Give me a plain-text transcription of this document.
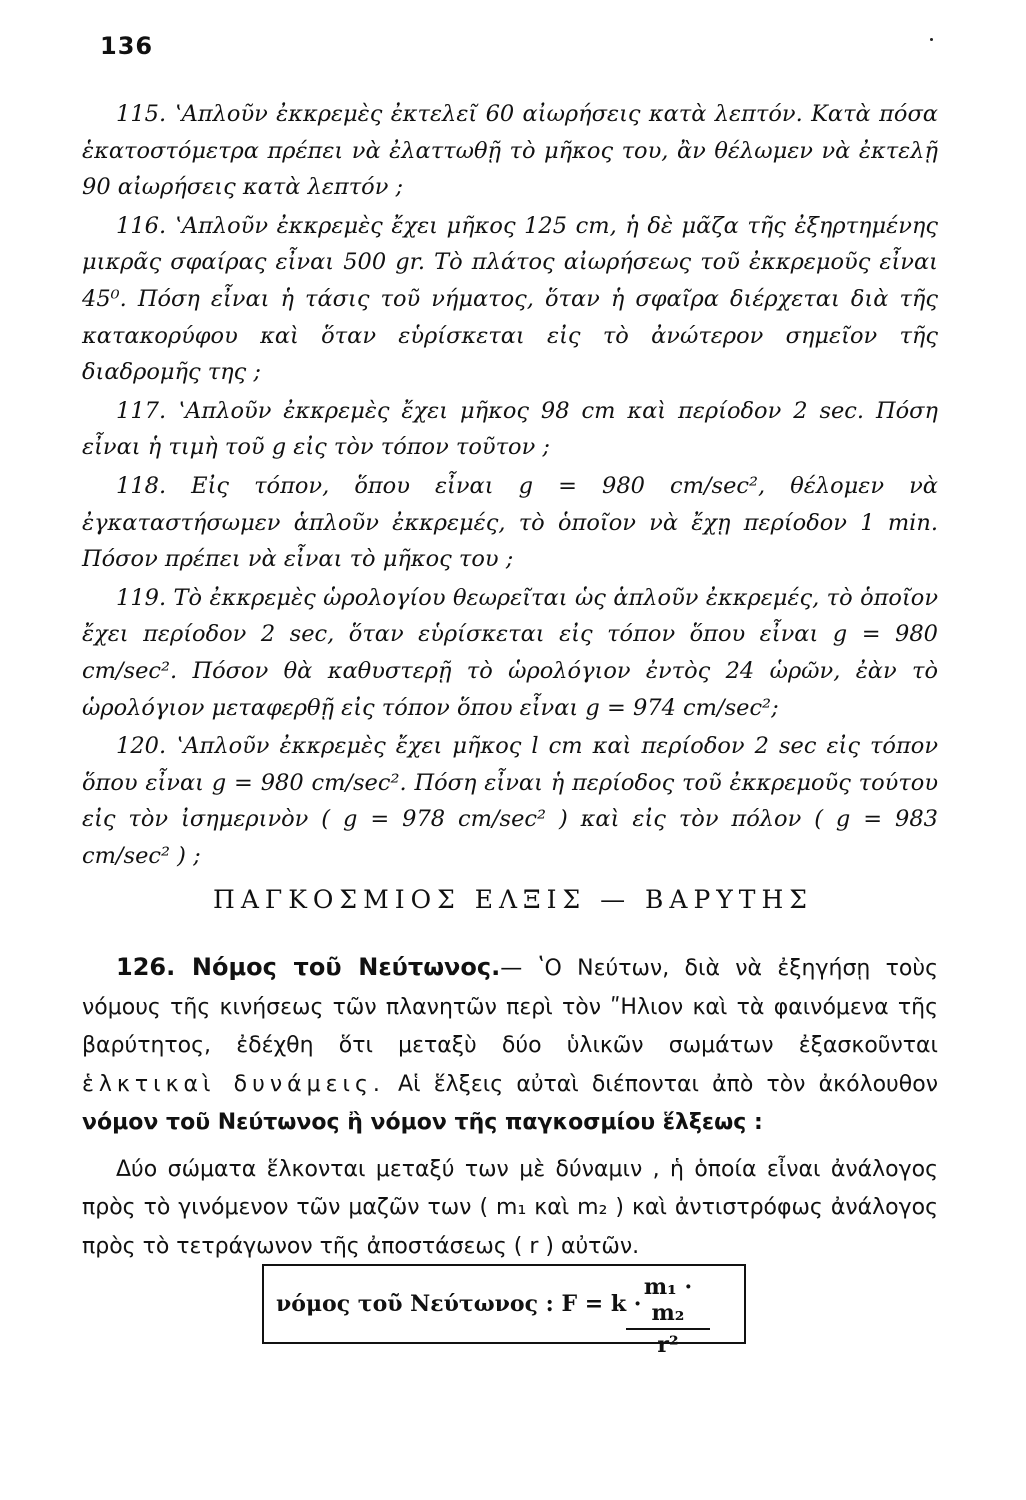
136

115. ʽΑπλοῦν ἐκκρεμὲς ἐκτελεῖ 60 αἰωρήσεις κατὰ λεπτόν. Κατὰ πόσα ἑκατοστόμετρα πρέπει νὰ ἐλαττωθῇ τὸ μῆκος του, ἂν θέλωμεν νὰ ἐκτελῇ 90 αἰωρήσεις κατὰ λεπτόν ;

116. ʽΑπλοῦν ἐκκρεμὲς ἔχει μῆκος 125 cm, ἡ δὲ μᾶζα τῆς ἐξηρτημένης μικρᾶς σφαίρας εἶναι 500 gr. Τὸ πλάτος αἰωρήσεως τοῦ ἐκκρεμοῦς εἶναι 45⁰. Πόση εἶναι ἡ τάσις τοῦ νήματος, ὅταν ἡ σφαῖρα διέρχεται διὰ τῆς κατακορύφου καὶ ὅταν εὑρίσκεται εἰς τὸ ἀνώτερον σημεῖον τῆς διαδρομῆς της ;

117. ʽΑπλοῦν ἐκκρεμὲς ἔχει μῆκος 98 cm καὶ περίοδον 2 sec. Πόση εἶναι ἡ τιμὴ τοῦ g εἰς τὸν τόπον τοῦτον ;

118. Εἰς τόπον, ὅπου εἶναι g = 980 cm/sec², θέλομεν νὰ ἐγκαταστήσωμεν ἁπλοῦν ἐκκρεμές, τὸ ὁποῖον νὰ ἔχῃ περίοδον 1 min. Πόσον πρέπει νὰ εἶναι τὸ μῆκος του ;

119. Τὸ ἐκκρεμὲς ὡρολογίου θεωρεῖται ὡς ἁπλοῦν ἐκκρεμές, τὸ ὁποῖον ἔχει περίοδον 2 sec, ὅταν εὑρίσκεται εἰς τόπον ὅπου εἶναι g = 980 cm/sec². Πόσον θὰ καθυστερῇ τὸ ὡρολόγιον ἐντὸς 24 ὡρῶν, ἐὰν τὸ ὡρολόγιον μεταφερθῇ εἰς τόπον ὅπου εἶναι g = 974 cm/sec²;

120. ʽΑπλοῦν ἐκκρεμὲς ἔχει μῆκος l cm καὶ περίοδον 2 sec εἰς τόπον ὅπου εἶναι g = 980 cm/sec². Πόση εἶναι ἡ περίοδος τοῦ ἐκκρεμοῦς τούτου εἰς τὸν ἰσημερινὸν ( g = 978 cm/sec² ) καὶ εἰς τὸν πόλον ( g = 983 cm/sec² ) ;

ΠΑΓΚΟΣΜΙΟΣ ΕΛΞΙΣ — ΒΑΡΥΤΗΣ

126. Νόμος τοῦ Νεύτωνος.— ʽΟ Νεύτων, διὰ νὰ ἐξηγήσῃ τοὺς νόμους τῆς κινήσεως τῶν πλανητῶν περὶ τὸν ʺΗλιον καὶ τὰ φαινόμενα τῆς βαρύτητος, ἐδέχθη ὅτι μεταξὺ δύο ὑλικῶν σωμάτων ἐξασκοῦνται ἑλκτικαὶ δυνάμεις. Αἱ ἕλξεις αὐταὶ διέπονται ἀπὸ τὸν ἀκόλουθον νόμον τοῦ Νεύτωνος ἢ νόμον τῆς παγκοσμίου ἕλξεως :

Δύο σώματα ἕλκονται μεταξύ των μὲ δύναμιν , ἡ ὁποία εἶναι ἀνάλογος πρὸς τὸ γινόμενον τῶν μαζῶν των ( m₁ καὶ m₂ ) καὶ ἀντιστρόφως ἀνάλογος πρὸς τὸ τετράγωνον τῆς ἀποστάσεως ( r ) αὐτῶν.

νόμος τοῦ Νεύτωνος : F = k ·
$\frac{\text{m₁ · m₂}}{\text{r²}}$
